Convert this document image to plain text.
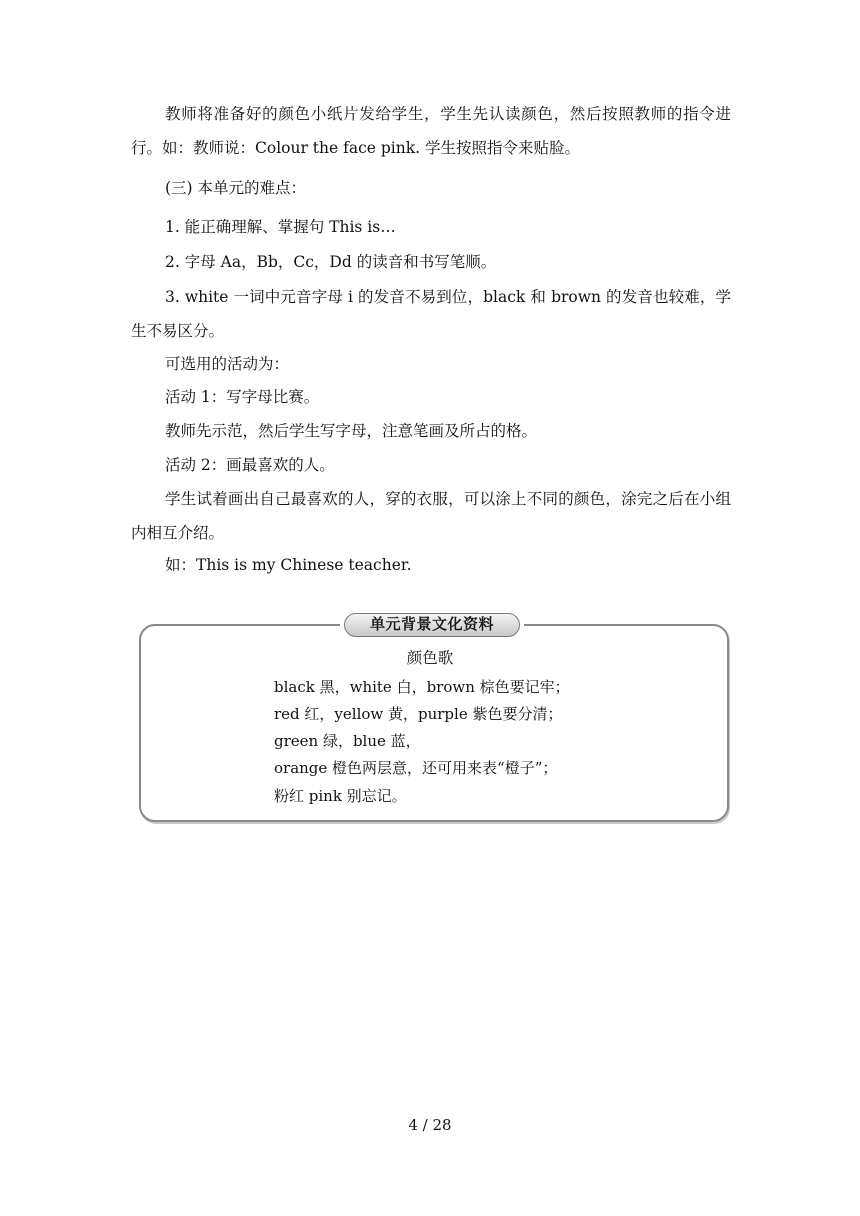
教师将准备好的颜色小纸片发给学生，学生先认读颜色，然后按照教师的指令进行。如：教师说：Colour the face pink. 学生按照指令来贴脸。

(三) 本单元的难点：

1. 能正确理解、掌握句 This is…

2. 字母 Aa，Bb，Cc，Dd 的读音和书写笔顺。

3. white 一词中元音字母 i 的发音不易到位，black 和 brown 的发音也较难，学生不易区分。

可选用的活动为：

活动 1：写字母比赛。

教师先示范，然后学生写字母，注意笔画及所占的格。

活动 2：画最喜欢的人。

学生试着画出自己最喜欢的人，穿的衣服，可以涂上不同的颜色，涂完之后在小组内相互介绍。

如：This is my Chinese teacher.

单元背景文化资料
颜色歌
black 黑，white 白，brown 棕色要记牢；
red 红，yellow 黄，purple 紫色要分清；
green 绿，blue 蓝，
orange 橙色两层意，还可用来表“橙子”；
粉红 pink 别忘记。
4 / 28
